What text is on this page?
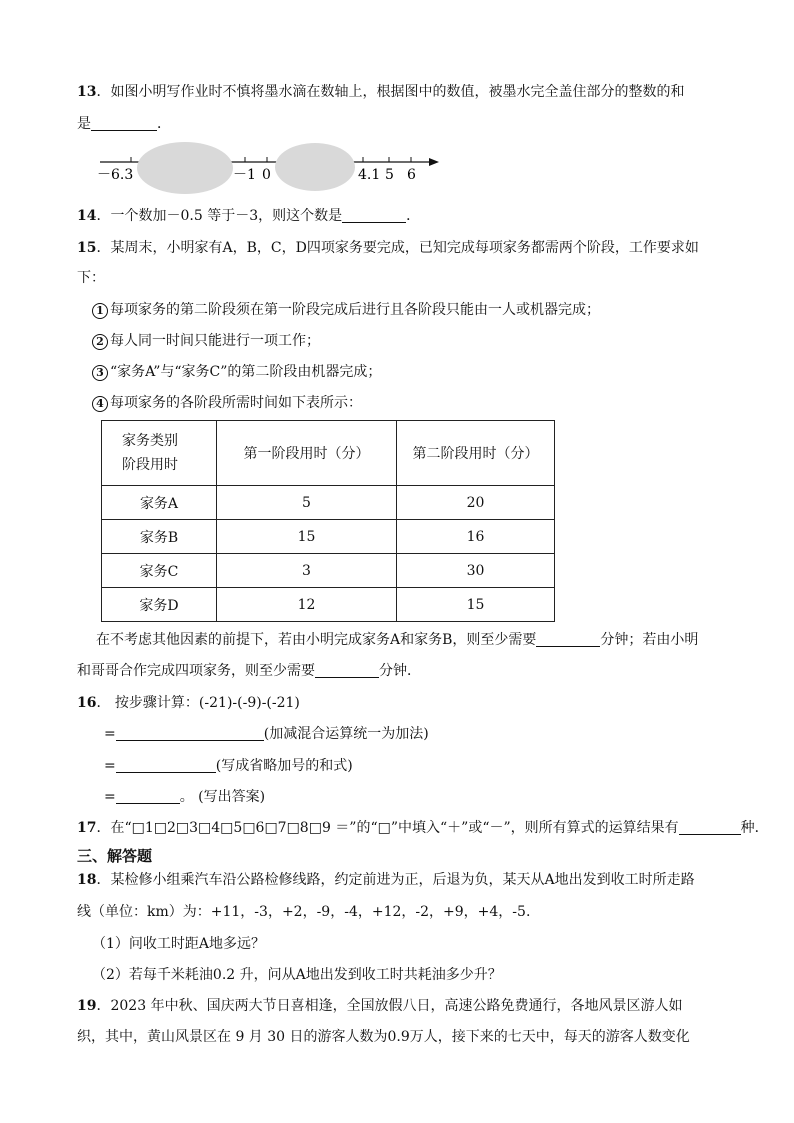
13．如图小明写作业时不慎将墨水滴在数轴上，根据图中的数值，被墨水完全盖住部分的整数的和
是	．
－6.3	－1 0	4.1 5 6
14．一个数加－0.5 等于－3，则这个数是	．
15．某周末，小明家有A，B，C，D四项家务要完成，已知完成每项家务都需两个阶段，工作要求如
下：
1 每项家务的第二阶段须在第一阶段完成后进行且各阶段只能由一人或机器完成；
2 每人同一时间只能进行一项工作；
3 “家务A”与“家务C”的第二阶段由机器完成；
4 每项家务的各阶段所需时间如下表所示：
家务类别
阶段用时	第一阶段用时（分）	第二阶段用时（分）
家务A	5	20
家务B	15	16
家务C	3	30
家务D	12	15
在不考虑其他因素的前提下，若由小明完成家务A和家务B，则至少需要	分钟；若由小明
和哥哥合作完成四项家务，则至少需要	分钟．
16． 按步骤计算：(-21)-(-9)-(-21)
=	(加减混合运算统一为加法)
=	(写成省略加号的和式)
=	。 (写出答案)
17．在“□1□2□3□4□5□6□7□8□9 ＝”的“□”中填入“＋”或“－”，则所有算式的运算结果有	种．
三、解答题
18．某检修小组乘汽车沿公路检修线路，约定前进为正，后退为负，某天从A地出发到收工时所走路
线（单位：km）为：+11，-3，+2，-9，-4，+12，-2，+9，+4，-5.
（1）问收工时距A地多远？
（2）若每千米耗油0.2 升，问从A地出发到收工时共耗油多少升？
19．2023 年中秋、国庆两大节日喜相逢，全国放假八日，高速公路免费通行，各地风景区游人如
织，其中，黄山风景区在 9 月 30 日的游客人数为0.9万人，接下来的七天中，每天的游客人数变化
